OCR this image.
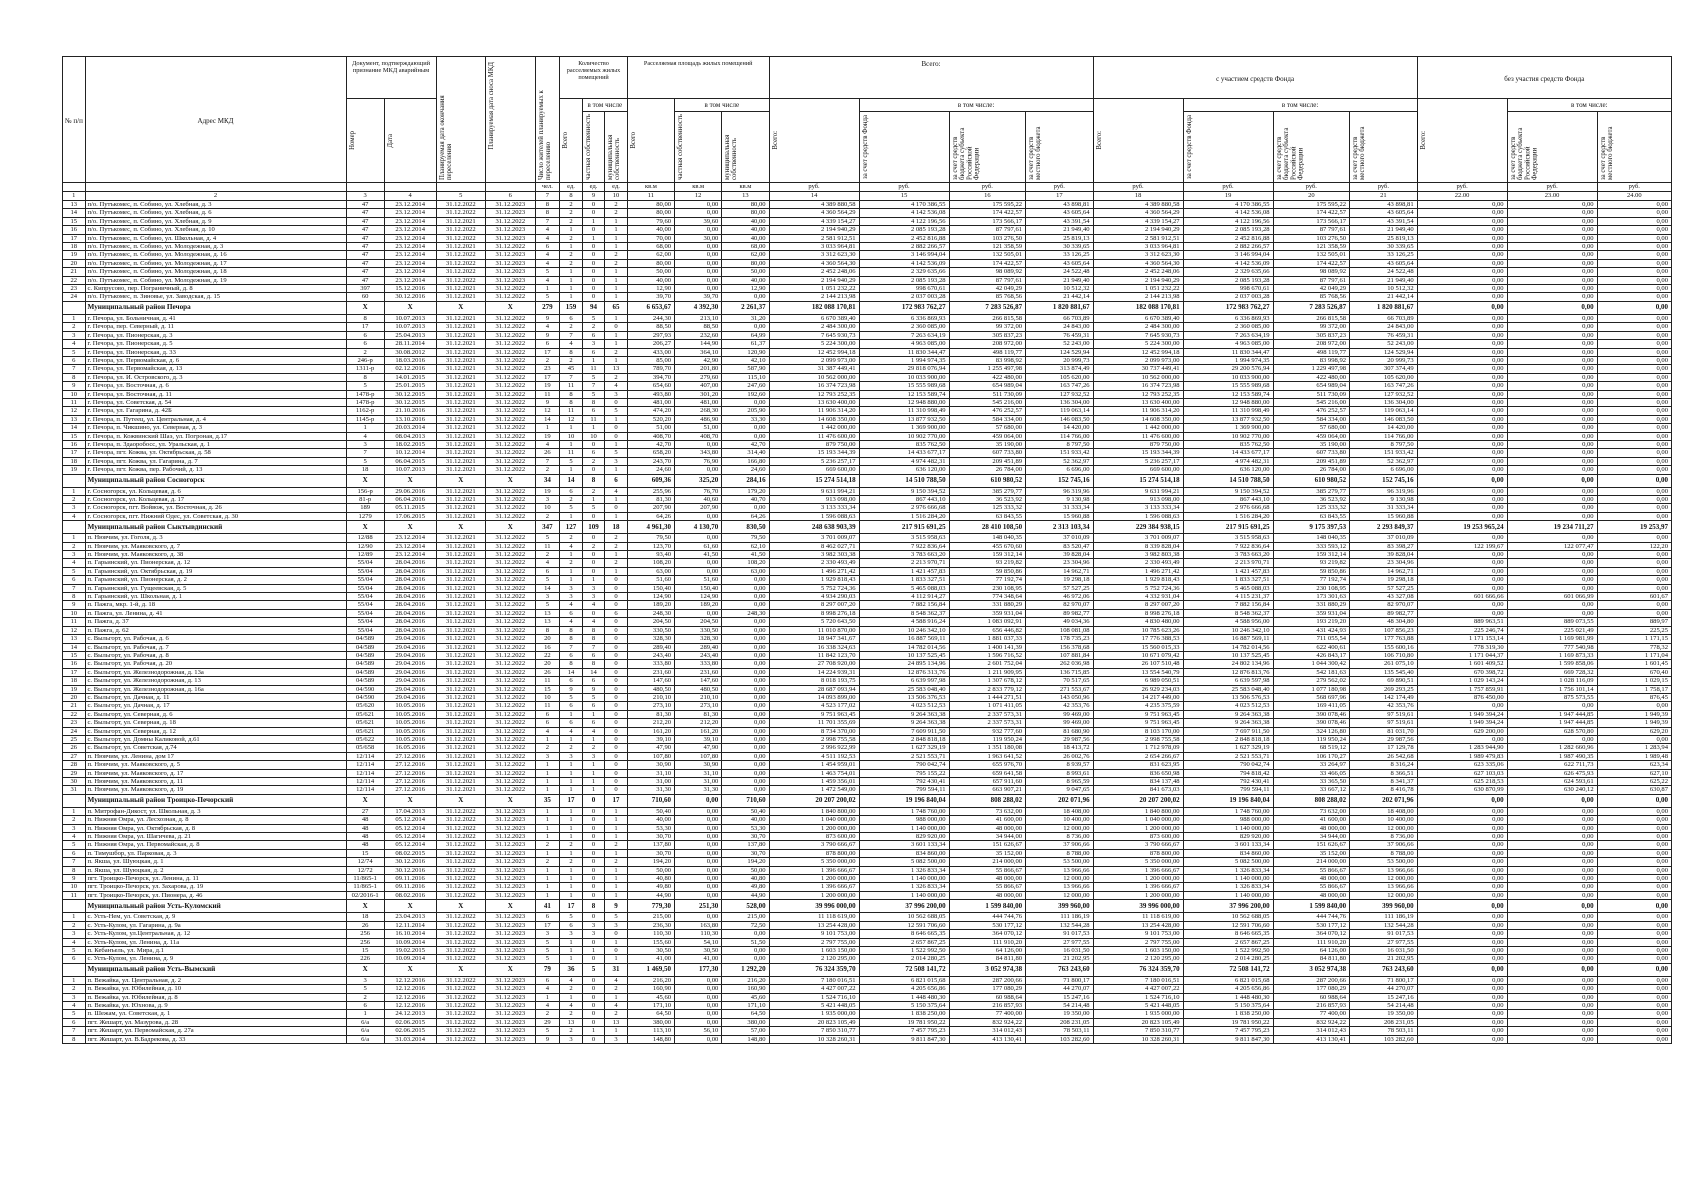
№ п/п	Адрес МКД	Документ, подтверждающий признание МКД аварийным		Планируемая дата окончания переселения	Планируемая дата сноса МКД	Число жителей планируемых к переселению	Количество расселяемых жилых помещений			Расселяемая площадь жилых помещений			Всего:				с участием средств Фонда				без участия средств Фонда		

		Номер	Дата				Всего	в том числе		Всего	в том числе		Всего:	в том числе:			Всего:	в том числе:			Всего:	в том числе:	

								частная собственность	муниципальная собственность		частная собственность	муниципальная собственность		за счет средств Фонда	за счет средств бюджета субъекта Российской Федерации	за счет средств местного бюджета		за счет средств Фонда	за счет средств бюджета субъекта Российской Федерации	за счет средств местного бюджета		за счет средств бюджета субъекта Российской Федерации	за счет средств местного бюджета

						чел.	ед.	ед.	ед.	кв.м	кв.м	кв.м	руб.	руб.	руб.	руб.	руб.	руб.	руб.	руб.	руб.	руб.	руб.
1	2	3	4	5	6	7	8	9	10	11	12	13	14	15	16	17	18	19	20	21	22.00	23.00	24.00
13	п/о. Путъкомес, п. Собино, ул. Хлебная, д. 3	47	23.12.2014	31.12.2022	31.12.2023	8	2	0	2	80,00	0,00	80,00	4 389 880,58	4 170 386,55	175 595,22	43 898,81	4 389 880,58	4 170 386,55	175 595,22	43 898,81	0,00	0,00	0,00
14	п/о. Путъкомес, п. Собино, ул. Хлебная, д. 6	47	23.12.2014	31.12.2022	31.12.2023	8	2	0	2	80,00	0,00	80,00	4 360 564,29	4 142 536,08	174 422,57	43 605,64	4 360 564,29	4 142 536,08	174 422,57	43 605,64	0,00	0,00	0,00
15	п/о. Путъкомес, п. Собино, ул. Хлебная, д. 9	47	23.12.2014	31.12.2021	31.12.2022	7	2	1	1	79,60	39,60	40,00	4 339 154,27	4 122 196,56	173 566,17	43 391,54	4 339 154,27	4 122 196,56	173 566,17	43 391,54	0,00	0,00	0,00
16	п/о. Путъкомес, п. Собино, ул. Хлебная, д. 10	47	23.12.2014	31.12.2022	31.12.2023	4	1	0	1	40,00	0,00	40,00	2 194 940,29	2 085 193,28	87 797,61	21 949,40	2 194 940,29	2 085 193,28	87 797,61	21 949,40	0,00	0,00	0,00
17	п/о. Путъкомес, п. Собино, ул. Школьная, д. 4	47	23.12.2014	31.12.2022	31.12.2023	4	2	1	1	70,00	30,00	40,00	2 581 912,51	2 452 816,88	103 276,50	25 819,13	2 581 912,51	2 452 816,88	103 276,50	25 819,13	0,00	0,00	0,00
18	п/о. Путъкомес, п. Собино, ул. Молодежная, д. 3	47	23.12.2014	31.12.2021	31.12.2022	6	1	0	1	68,00	0,00	68,00	3 033 964,81	2 882 266,57	121 358,59	30 339,65	3 033 964,81	2 882 266,57	121 358,59	30 339,65	0,00	0,00	0,00
19	п/о. Путъкомес, п. Собино, ул. Молодежная, д. 16	47	23.12.2014	31.12.2022	31.12.2023	4	2	0	2	62,00	0,00	62,00	3 312 623,30	3 146 994,04	132 505,01	33 126,25	3 312 623,30	3 146 994,04	132 505,01	33 126,25	0,00	0,00	0,00
20	п/о. Путъкомес, п. Собино, ул. Молодежная, д. 17	47	23.12.2014	31.12.2022	31.12.2023	4	2	0	2	80,00	0,00	80,00	4 360 564,30	4 142 536,09	174 422,57	43 605,64	4 360 564,30	4 142 536,09	174 422,57	43 605,64	0,00	0,00	0,00
21	п/о. Путъкомес, п. Собино, ул. Молодежная, д. 18	47	23.12.2014	31.12.2022	31.12.2023	5	1	0	1	50,00	0,00	50,00	2 452 248,06	2 329 635,66	98 089,92	24 522,48	2 452 248,06	2 329 635,66	98 089,92	24 522,48	0,00	0,00	0,00
22	п/о. Путъкомес, п. Собино, ул. Молодежная, д. 19	47	23.12.2014	31.12.2022	31.12.2023	4	1	0	1	40,00	0,00	40,00	2 194 940,29	2 085 193,28	87 797,61	21 949,40	2 194 940,29	2 085 193,28	87 797,61	21 949,40	0,00	0,00	0,00
23	с. Кипрусово, пер. Пограничный, д. 8	397	15.12.2016	31.12.2021	31.12.2022	1	1	0	1	12,90	0,00	12,90	1 051 232,22	998 670,61	42 049,29	10 512,32	1 051 232,22	998 670,61	42 049,29	10 512,32	0,00	0,00	0,00
24	п/о. Путъкомес, п. Зиновье, ул. Заводская, д. 15	60	30.12.2016	31.12.2021	31.12.2022	5	1	0	1	39,70	39,70	0,00	2 144 213,98	2 037 003,28	85 768,56	21 442,14	2 144 213,98	2 037 003,28	85 768,56	21 442,14	0,00	0,00	0,00
	Муниципальный район Печора	X	X	X	X	279	159	94	65	6 653,67	4 392,30	2 261,37	182 088 170,81	172 983 762,27	7 283 526,87	1 820 881,67	182 088 170,81	172 983 762,27	7 283 526,87	1 820 881,67	0,00	0,00	0,00
1	г. Печора, ул. Больничная, д. 41	8	10.07.2013	31.12.2021	31.12.2022	9	6	5	1	244,30	213,10	31,20	6 670 389,40	6 336 869,93	266 815,58	66 703,89	6 670 389,40	6 336 869,93	266 815,58	66 703,89	0,00	0,00	0,00
2	г. Печора, пер. Северный, д. 11	17	10.07.2013	31.12.2021	31.12.2022	4	2	2	0	88,50	88,50	0,00	2 484 300,00	2 360 085,00	99 372,00	24 843,00	2 484 300,00	2 360 085,00	99 372,00	24 843,00	0,00	0,00	0,00
3	г. Печора, ул. Пионерская, д. 3	6	25.04.2013	31.12.2021	31.12.2022	9	7	6	1	297,93	232,60	64,99	7 645 930,73	7 263 634,19	305 837,23	76 459,31	7 645 930,73	7 263 634,19	305 837,23	76 459,31	0,00	0,00	0,00
4	г. Печора, ул. Пионерская, д. 5	6	28.11.2014	31.12.2021	31.12.2022	6	4	3	1	206,27	144,90	61,37	5 224 300,00	4 963 085,00	208 972,00	52 243,00	5 224 300,00	4 963 085,00	208 972,00	52 243,00	0,00	0,00	0,00
5	г. Печора, ул. Пионерская, д. 33	2	30.08.2012	31.12.2021	31.12.2022	17	8	6	2	433,00	364,10	120,90	12 452 994,18	11 830 344,47	498 119,77	124 529,94	12 452 994,18	11 830 344,47	498 119,77	124 529,94	0,00	0,00	0,00
6	г. Печора, ул. Первомайская, д. 6	246-р	18.03.2016	31.12.2021	31.12.2022	2	2	1	1	85,00	42,90	42,10	2 099 973,00	1 994 974,35	83 998,92	20 999,73	2 099 973,00	1 994 974,35	83 998,92	20 999,73	0,00	0,00	0,00
7	г. Печора, ул. Первомайская, д. 13	1311-р	02.12.2016	31.12.2021	31.12.2022	23	45	11	13	789,70	201,80	587,90	31 387 449,41	29 818 076,94	1 255 497,98	313 874,49	30 737 449,41	29 200 576,94	1 229 497,98	307 374,49	0,00	0,00	0,00
8	г. Печора, ул. И. Островского, д. 3	8	14.01.2015	31.12.2021	31.12.2022	17	7	5	2	394,70	279,60	115,10	10 562 000,00	10 033 900,00	422 480,00	105 620,00	10 562 000,00	10 033 900,00	422 480,00	105 620,00	0,00	0,00	0,00
9	г. Печора, ул. Восточная, д. 6	5	25.01.2015	31.12.2021	31.12.2022	19	11	7	4	654,60	407,00	247,60	16 374 723,98	15 555 989,68	654 989,04	163 747,26	16 374 723,98	15 555 989,68	654 989,04	163 747,26	0,00	0,00	0,00
10	г. Печора, ул. Восточная, д. 11	1478-р	30.12.2015	31.12.2021	31.12.2022	11	8	5	3	493,80	301,20	192,60	12 793 252,35	12 153 589,74	511 730,09	127 932,52	12 793 252,35	12 153 589,74	511 730,09	127 932,52	0,00	0,00	0,00
11	г. Печора, ул. Советская, д. 54	1478-р	30.12.2015	31.12.2021	31.12.2022	9	8	8	0	481,00	481,00	0,00	13 630 400,00	12 948 880,00	545 216,00	136 304,00	13 630 400,00	12 948 880,00	545 216,00	136 304,00	0,00	0,00	0,00
12	г. Печора, ул. Гагарина, д. 42Б	1162-р	21.10.2016	31.12.2021	31.12.2022	12	11	6	5	474,20	268,30	205,90	11 906 314,20	11 310 998,49	476 252,57	119 063,14	11 906 314,20	11 310 998,49	476 252,57	119 063,14	0,00	0,00	0,00
13	г. Печора, п. Путеец, ул. Центральная, д. 4	1145-р	13.10.2016	31.12.2021	31.12.2022	14	12	11	1	520,20	486,90	33,30	14 608 350,00	13 877 932,50	584 334,00	146 083,50	14 608 350,00	13 877 932,50	584 334,00	146 083,50	0,00	0,00	0,00
14	г. Печора, п. Чикшино, ул. Северная, д. 3	1	20.03.2014	31.12.2021	31.12.2022	1	1	1	0	51,00	51,00	0,00	1 442 000,00	1 369 900,00	57 680,00	14 420,00	1 442 000,00	1 369 900,00	57 680,00	14 420,00	0,00	0,00	0,00
15	г. Печора, п. Кожвинский Шаэ, ул. Погроная, д.17	4	08.04.2013	31.12.2021	31.12.2022	19	10	10	0	408,70	408,70	0,00	11 476 600,00	10 902 770,00	459 064,00	114 766,00	11 476 600,00	10 902 770,00	459 064,00	114 766,00	0,00	0,00	0,00
16	г. Печора, п. Здаоробосс, ул. Уральская, д. 1	3	18.02.2015	31.12.2021	31.12.2022	4	1	0	1	42,70	0,00	42,70	879 750,00	835 762,50	35 190,00	8 797,50	879 750,00	835 762,50	35 190,00	8 797,50	0,00	0,00	0,00
17	г. Печора, пгт. Кожва, ул. Октябрьская, д. 58	7	10.12.2014	31.12.2021	31.12.2022	26	11	6	5	658,20	343,80	314,40	15 193 344,39	14 433 677,17	607 733,80	151 933,42	15 193 344,39	14 433 677,17	607 733,80	151 933,42	0,00	0,00	0,00
18	г. Печора, пгт. Кожва, ул. Гагарина, д. 7	5	06.04.2015	31.12.2021	31.12.2022	7	5	2	3	243,70	76,90	166,80	5 236 257,17	4 974 482,31	209 451,89	52 362,97	5 236 257,17	4 974 482,31	209 451,89	52 362,97	0,00	0,00	0,00
19	г. Печора, пгт. Кожва, пер. Рабочий, д. 13	18	10.07.2013	31.12.2021	31.12.2022	2	1	0	1	24,60	0,00	24,60	669 600,00	636 120,00	26 784,00	6 696,00	669 600,00	636 120,00	26 784,00	6 696,00	0,00	0,00	0,00
	Муниципальный район Сосногорск	X	X	X	X	34	14	8	6	609,36	325,20	284,16	15 274 514,18	14 510 788,50	610 980,52	152 745,16	15 274 514,18	14 510 788,50	610 980,52	152 745,16	0,00	0,00	0,00
1	г. Сосногорск, ул. Кольцевая, д. 6	156-р	29.06.2016	31.12.2021	31.12.2022	19	6	2	4	255,96	76,70	179,20	9 631 994,21	9 150 394,52	385 279,77	96 319,96	9 631 994,21	9 150 394,52	385 279,77	96 319,96	0,00	0,00	0,00
2	г. Сосногорск, ул. Кольцевая, д. 17	81-р	06.04.2016	31.12.2021	31.12.2022	3	2	1	1	81,30	40,60	40,70	913 098,00	867 443,10	36 523,92	9 130,98	913 098,00	867 443,10	36 523,92	9 130,98	0,00	0,00	0,00
3	г. Сосногорск, пгт. Войвож, ул. Восточная, д. 26	189	05.11.2015	31.12.2021	31.12.2022	10	5	5	0	207,90	207,90	0,00	3 133 333,34	2 976 666,68	125 333,32	31 333,34	3 133 333,34	2 976 666,68	125 333,32	31 333,34	0,00	0,00	0,00
4	г. Сосногорск, пгт. Нижний Одес, ул. Советская, д. 30	1279	17.06.2015	31.12.2021	31.12.2022	2	1	0	1	64,26	0,00	64,26	1 596 088,63	1 516 284,20	63 843,55	15 960,88	1 596 088,63	1 516 284,20	63 843,55	15 960,88	0,00	0,00	0,00
	Муниципальный район Сыктывдинский	X	X	X	X	347	127	109	18	4 961,30	4 130,70	830,50	248 638 903,39	217 915 691,25	28 410 108,50	2 313 103,34	229 384 938,15	217 915 691,25	9 175 397,53	2 293 849,37	19 253 965,24	19 234 711,27	19 253,97
1	п. Нювчим, ул. Гоголя, д. 3	12/88	23.12.2014	31.12.2021	31.12.2022	5	2	0	2	79,50	0,00	79,50	3 701 009,07	3 515 958,63	148 040,35	37 010,09	3 701 009,07	3 515 958,63	148 040,35	37 010,09	0,00	0,00	0,00
2	п. Нювчим, ул. Маяковского, д. 7	12/90	23.12.2014	31.12.2021	31.12.2022	11	4	2	2	123,70	61,60	62,10	8 462 027,71	7 922 836,64	455 670,60	83 520,47	8 339 828,04	7 922 836,64	333 593,12	83 398,27	122 199,67	122 077,47	122,20
3	п. Нювчим, ул. Маяковского, д. 38	12/89	23.12.2014	31.12.2021	31.12.2022	2	1	0	1	93,40	41,50	41,50	3 982 303,38	3 783 663,20	159 312,14	39 828,04	3 982 803,38	3 783 663,20	159 312,14	39 828,04	0,00	0,00	0,00
4	п. Гарьинский, ул. Пионерская, д. 12	55/04	28.04.2016	31.12.2021	31.12.2022	4	2	0	2	108,20	0,00	108,20	2 330 493,49	2 213 970,71	93 219,82	23 304,96	2 330 493,49	2 213 970,71	93 219,82	23 304,96	0,00	0,00	0,00
5	п. Гарьинский, ул. Октябрьская, д. 19	55/04	28.04.2016	31.12.2021	31.12.2022	6	1	0	1	63,00	0,00	63,00	1 496 271,42	1 421 457,83	59 850,86	14 962,71	1 496 271,42	1 421 457,83	59 850,86	14 962,71	0,00	0,00	0,00
6	п. Гарьинский, ул. Пионерская, д. 2	55/04	28.04.2016	31.12.2021	31.12.2022	5	1	1	0	51,60	51,60	0,00	1 929 818,43	1 833 327,51	77 192,74	19 298,18	1 929 818,43	1 833 327,51	77 192,74	19 298,18	0,00	0,00	0,00
7	п. Гарьинский, ул. Гущеевская, д. 5	55/04	28.04.2016	31.12.2021	31.12.2022	14	3	3	0	150,40	150,40	0,00	5 752 724,36	5 465 088,03	230 108,95	57 527,25	5 752 724,36	5 465 088,03	230 108,95	57 527,25	0,00	0,00	0,00
8	п. Гарьинский, ул. Школьная, д. 1	55/04	28.04.2016	31.12.2021	31.12.2022	3	3	3	0	124,90	124,90	0,00	4 934 290,03	4 112 914,27	774 348,64	46 972,06	4 332 931,04	4 115 231,37	173 301,63	43 327,08	601 666,66	601 066,99	601,67
9	п. Пажга, мкр. 1-й, д. 18	55/04	28.04.2016	31.12.2021	31.12.2022	5	4	4	0	189,20	189,20	0,00	8 297 007,20	7 882 156,84	331 880,29	82 970,07	8 297 007,20	7 882 156,84	331 880,29	82 970,07	0,00	0,00	0,00
10	п. Пажга, ул. Ленина, д. 41	55/04	28.04.2016	31.12.2021	31.12.2022	13	6	0	6	248,30	0,00	248,30	8 998 276,18	8 548 362,37	359 931,04	89 982,77	8 998 276,18	8 548 362,37	359 931,04	89 982,77	0,00	0,00	0,00
11	п. Пажга, д. 37	55/04	28.04.2016	31.12.2021	31.12.2022	13	4	4	0	204,50	204,50	0,00	5 720 643,50	4 588 916,24	1 083 092,91	49 034,36	4 830 480,00	4 588 956,00	193 219,20	48 304,80	889 963,51	889 073,55	889,97
12	п. Пажга, д. 62	55/04	28.04.2016	31.12.2021	31.12.2022	8	8	8	0	330,50	330,50	0,00	11 010 870,00	10 246 342,10	656 446,82	108 081,08	10 785 623,26	10 246 342,10	431 424,93	107 856,23	225 246,74	225 021,49	225,25
13	с. Выльгорт, ул. Рабочая, д. 6	04/589	29.04.2016	31.12.2021	31.12.2022	20	8	8	0	328,30	328,30	0,00	18 947 341,67	16 887 569,11	1 881 037,33	178 735,23	17 776 388,53	16 887 569,11	711 055,54	177 763,88	1 171 153,14	1 169 981,99	1 171,15
14	с. Выльгорт, ул. Рабочая, д. 7	04/589	29.04.2016	31.12.2021	31.12.2022	16	7	7	0	289,40	289,40	0,00	16 338 324,63	14 782 014,56	1 400 141,39	156 378,68	15 560 015,33	14 782 014,56	622 400,61	155 600,16	778 319,30	777 540,98	778,32
15	с. Выльгорт, ул. Рабочая, д. 8	04/589	29.04.2016	31.12.2021	31.12.2022	22	6	6	0	243,40	243,40	0,00	11 842 123,70	10 137 525,45	1 596 716,52	107 881,84	10 671 079,42	10 137 525,45	426 843,17	106 710,80	1 171 044,37	1 169 873,33	1 171,04
16	с. Выльгорт, ул. Рабочая, д. 20	04/589	29.04.2016	31.12.2021	31.12.2022	20	8	8	0	333,80	333,80	0,00	27 708 920,00	24 895 134,96	2 601 752,04	262 036,98	26 107 510,48	24 802 134,96	1 044 300,42	261 075,10	1 601 409,52	1 599 858,06	1 601,45
17	с. Выльгорт, ул. Железнодорожная, д. 13а	04/589	29.04.2016	31.12.2021	31.12.2022	26	14	14	0	231,60	231,60	0,00	14 224 939,31	12 876 313,76	1 211 909,95	136 715,85	13 554 540,79	12 876 813,76	542 181,63	135 545,40	670 398,72	669 728,32	670,40
18	с. Выльгорт, ул. Железнодорожная, д. 13	04/589	29.04.2016	31.12.2021	31.12.2022	11	6	6	0	147,60	147,60	0,00	8 018 193,75	6 639 997,98	1 307 678,12	70 517,65	6 989 050,51	6 639 597,98	279 562,02	69 890,51	1 029 143,24	1 028 116,09	1 029,15
19	с. Выльгорт, ул. Железнодорожная, д. 16а	04/590	29.04.2016	31.12.2021	31.12.2022	15	9	9	0	480,50	480,50	0,00	28 687 093,94	25 583 048,40	2 833 779,12	271 553,67	26 929 234,03	25 583 048,40	1 077 180,98	269 293,25	1 757 859,91	1 756 101,14	1 758,17
20	с. Выльгорт, ул. Дачная, д. 11	04/590	29.04.2016	31.12.2021	31.12.2022	10	5	5	0	210,10	210,10	0,00	14 093 899,00	13 506 376,53	1 444 271,51	143 050,96	14 217 449,00	13 506 576,53	568 697,96	142 174,49	876 450,00	875 573,55	876,45
21	с. Выльгорт, ул. Дачная, д. 17	05/620	10.05.2016	31.12.2021	31.12.2022	11	6	6	0	273,10	273,10	0,00	4 523 177,02	4 023 512,53	1 071 411,05	42 353,76	4 235 375,59	4 023 512,53	169 411,05	42 353,76	0,00	0,00	0,00
22	с. Выльгорт, ул. Северная, д. 6	05/621	10.05.2016	31.12.2021	31.12.2022	6	1	1	0	81,30	81,30	0,00	9 751 963,45	9 264 363,38	2 337 573,31	99 469,00	9 751 963,45	9 264 363,38	390 078,46	97 519,61	1 949 394,24	1 947 444,85	1 949,39
23	с. Выльгорт, ул. Северная, д. 18	05/621	10.05.2016	31.12.2021	31.12.2022	6	6	6	0	212,20	212,20	0,00	11 701 355,69	9 264 363,38	2 337 573,31	99 469,00	9 751 963,45	9 264 363,38	390 078,46	97 519,61	1 949 394,24	1 947 444,85	1 949,39
24	с. Выльгорт, ул. Северная, д. 12	05/621	10.05.2016	31.12.2021	31.12.2022	4	4	4	0	161,20	161,20	0,00	8 734 370,00	7 609 911,50	932 777,60	81 680,90	8 103 170,00	7 697 911,50	324 126,80	81 031,70	629 200,00	628 570,80	629,20
25	с. Выльгорт, ул. Домны Каликовой, д.61	05/622	10.05.2016	31.12.2021	31.12.2022	1	1	1	0	39,10	39,10	0,00	2 998 755,58	2 848 818,18	119 950,24	29 987,56	2 998 755,58	2 848 818,18	119 950,24	29 987,56	0,00	0,00	0,00
26	с. Выльгорт, ул. Советская, д.74	05/658	16.05.2016	31.12.2021	31.12.2022	2	2	2	0	47,90	47,90	0,00	2 996 922,99	1 627 329,19	1 351 180,08	18 413,72	1 712 978,09	1 627 329,19	68 519,12	17 129,78	1 283 944,90	1 282 660,96	1 283,94
27	п. Нювчим, ул. Ленина, дом 17	12/114	27.12.2016	31.12.2021	31.12.2022	3	3	3	0	107,80	107,80	0,00	4 511 192,53	2 521 553,71	1 963 641,52	26 002,76	2 654 266,67	2 521 553,71	106 170,27	26 542,68	1 989 479,83	1 987 490,35	1 989,48
28	п. Нювчим, ул. Маяковского, д. 5	12/114	27.12.2016	31.12.2021	31.12.2022	1	1	1	0	30,90	30,90	0,00	1 454 959,01	790 042,74	655 976,70	8 939,57	831 623,95	790 042,74	33 264,97	8 316,24	623 335,06	622 711,73	623,34
29	п. Нювчим, ул. Маяковского, д. 17	12/114	27.12.2016	31.12.2021	31.12.2022	1	1	1	0	31,10	31,10	0,00	1 463 754,01	795 155,22	659 641,58	8 993,61	836 650,98	794 818,42	33 466,05	8 366,51	627 103,03	626 475,93	627,10
30	п. Нювчим, ул. Маяковского, д. 11	12/114	27.12.2016	31.12.2021	31.12.2022	1	1	1	0	31,00	31,00	0,00	1 459 356,01	792 430,41	657 911,60	8 965,59	834 137,48	792 430,41	33 365,50	8 341,37	625 218,53	624 593,61	625,22
31	п. Нювчим, ул. Маяковского, д. 19	12/114	27.12.2016	31.12.2021	31.12.2022	1	1	1	0	31,30	31,30	0,00	1 472 549,00	799 594,11	663 907,21	9 047,65	841 673,03	799 594,11	33 667,12	8 416,78	630 870,99	630 240,12	630,87
	Муниципальный район Троицко-Печорский	X	X	X	X	35	17	0	17	710,60	0,00	710,60	20 207 200,02	19 196 840,04	808 288,02	202 071,96	20 207 200,02	19 196 840,04	808 288,02	202 071,96	0,00	0,00	0,00
1	п. Митрофан-Дикост, ул. Школьная, д. 3	27	17.04.2013	31.12.2022	31.12.2023	1	1	0	1	50,40	0,00	50,40	1 840 800,00	1 748 760,00	73 632,00	18 408,00	1 840 800,00	1 748 760,00	73 632,00	18 408,00	0,00	0,00	0,00
2	п. Нижняя Омра, ул. Лесхозная, д. 8	48	05.12.2014	31.12.2022	31.12.2023	1	1	0	1	40,00	0,00	40,00	1 040 000,00	988 000,00	41 600,00	10 400,00	1 040 000,00	988 000,00	41 600,00	10 400,00	0,00	0,00	0,00
3	п. Нижняя Омра, ул. Октябрьская, д. 8	48	05.12.2014	31.12.2022	31.12.2023	1	1	0	1	53,30	0,00	53,30	1 200 000,00	1 140 000,00	48 000,00	12 000,00	1 200 000,00	1 140 000,00	48 000,00	12 000,00	0,00	0,00	0,00
4	п. Нижняя Омра, ул. Шагичева, д. 21	48	05.12.2014	31.12.2022	31.12.2023	1	1	0	1	30,70	0,00	30,70	873 600,00	829 920,00	34 944,00	8 736,00	873 600,00	829 920,00	34 944,00	8 736,00	0,00	0,00	0,00
5	п. Нижняя Омра, ул. Первомайская, д. 8	48	05.12.2014	31.12.2022	31.12.2023	2	2	0	2	137,80	0,00	137,80	3 790 666,67	3 601 133,34	151 626,67	37 906,66	3 790 666,67	3 601 133,34	151 626,67	37 906,66	0,00	0,00	0,00
6	п. Тимушбор, ул. Парковая, д. 3	15	08.02.2015	31.12.2022	31.12.2023	1	1	0	1	30,70	0,00	30,70	878 800,00	834 860,00	35 152,00	8 788,00	878 800,00	834 860,00	35 152,00	8 788,00	0,00	0,00	0,00
7	п. Якша, ул. Шуюцкая, д. 1	12/74	30.12.2016	31.12.2022	31.12.2023	2	2	0	2	194,20	0,00	194,20	5 350 000,00	5 082 500,00	214 000,00	53 500,00	5 350 000,00	5 082 500,00	214 000,00	53 500,00	0,00	0,00	0,00
8	п. Якша, ул. Шуюцкая, д. 2	12/72	30.12.2016	31.12.2022	31.12.2023	1	1	0	1	50,00	0,00	50,00	1 396 666,67	1 326 833,34	55 866,67	13 966,66	1 396 666,67	1 326 833,34	55 866,67	13 966,66	0,00	0,00	0,00
9	пгт. Троицко-Печорск, ул. Ленина, д. 11	11/865-1	09.11.2016	31.12.2022	31.12.2023	1	1	0	1	40,80	0,00	40,80	1 200 000,00	1 140 000,00	48 000,00	12 000,00	1 200 000,00	1 140 000,00	48 000,00	12 000,00	0,00	0,00	0,00
10	пгт. Троицко-Печорск, ул. Захарова, д. 19	11/865-1	09.11.2016	31.12.2022	31.12.2023	1	1	0	1	49,80	0,00	49,80	1 396 666,67	1 326 833,34	55 866,67	13 966,66	1 396 666,67	1 326 833,34	55 866,67	13 966,66	0,00	0,00	0,00
11	пгт. Троицко-Печорск, ул. Пионера, д. 46	02/2016-1	08.02.2016	31.12.2022	31.12.2023	1	1	0	1	44,90	0,00	44,90	1 200 000,00	1 140 000,00	48 000,00	12 000,00	1 200 000,00	1 140 000,00	48 000,00	12 000,00	0,00	0,00	0,00
	Муниципальный район Усть-Куломский	X	X	X	X	41	17	8	9	779,30	251,30	528,00	39 996 000,00	37 996 200,00	1 599 840,00	399 960,00	39 996 000,00	37 996 200,00	1 599 840,00	399 960,00	0,00	0,00	0,00
1	с. Усть-Нем, ул. Советская, д. 9	18	23.04.2013	31.12.2022	31.12.2023	6	5	0	5	215,00	0,00	215,00	11 118 619,00	10 562 688,05	444 744,76	111 186,19	11 118 619,00	10 562 688,05	444 744,76	111 186,19	0,00	0,00	0,00
2	с. Усть-Кулом, ул. Гагарина, д. 9а	26	12.11.2014	31.12.2022	31.12.2023	17	6	3	3	236,30	163,80	72,50	13 254 428,00	12 591 706,60	530 177,12	132 544,28	13 254 428,00	12 591 706,60	530 177,12	132 544,28	0,00	0,00	0,00
3	с. Усть-Кулом, ул.Центральная, д. 12	256	16.10.2014	31.12.2022	31.12.2023	3	3	3	0	110,30	110,30	0,00	9 101 753,00	8 646 665,35	364 070,12	91 017,53	9 101 753,00	8 646 665,35	364 070,12	91 017,53	0,00	0,00	0,00
4	с. Усть-Кулом, ул. Ленина, д. 11а	256	10.09.2014	31.12.2022	31.12.2023	5	1	0	1	155,60	54,10	51,50	2 797 755,00	2 657 867,25	111 910,20	27 977,55	2 797 755,00	2 657 867,25	111 910,20	27 977,55	0,00	0,00	0,00
5	п. Кебанъель, ул. Мира, д.1	15	19.02.2015	31.12.2022	31.12.2023	5	1	1	0	30,50	30,50	0,00	1 603 150,00	1 522 992,50	64 126,00	16 031,50	1 603 150,00	1 522 992,50	64 126,00	16 031,50	0,00	0,00	0,00
6	с. Усть-Кулом, ул. Ленина, д. 9	226	10.09.2014	31.12.2022	31.12.2023	5	1	0	1	41,00	41,00	0,00	2 120 295,00	2 014 280,25	84 811,80	21 202,95	2 120 295,00	2 014 280,25	84 811,80	21 202,95	0,00	0,00	0,00
	Муниципальный район Усть-Вымский	X	X	X	X	79	36	5	31	1 469,50	177,30	1 292,20	76 324 359,70	72 508 141,72	3 052 974,38	763 243,60	76 324 359,70	72 508 141,72	3 052 974,38	763 243,60	0,00	0,00	0,00
1	п. Вежайка, ул. Центральная, д. 2	3	12.12.2016	31.12.2022	31.12.2023	6	4	0	4	216,20	0,00	216,20	7 180 016,51	6 821 015,68	287 200,66	71 800,17	7 180 016,51	6 821 015,68	287 200,66	71 800,17	0,00	0,00	0,00
2	п. Вежайка, ул. Юбилейная, д. 10	5	12.12.2016	31.12.2022	31.12.2023	4	2	0	2	160,90	0,00	160,90	4 427 007,22	4 205 656,86	177 080,29	44 270,07	4 427 007,22	4 205 656,86	177 080,29	44 270,07	0,00	0,00	0,00
3	п. Вежайка, ул. Юбилейная, д. 8	2	12.12.2016	31.12.2022	31.12.2023	1	1	0	1	45,60	0,00	45,60	1 524 716,10	1 448 480,30	60 988,64	15 247,16	1 524 716,10	1 448 480,30	60 988,64	15 247,16	0,00	0,00	0,00
4	п. Вежайка, ул. Юхнова, д. 9	6	12.12.2016	31.12.2022	31.12.2023	4	4	0	4	171,10	0,00	171,10	5 421 448,05	5 150 375,64	216 857,93	54 214,48	5 421 448,05	5 150 375,64	216 857,93	54 214,48	0,00	0,00	0,00
5	п. Шежам, ул. Советская, д. 1	1	24.12.2013	31.12.2022	31.12.2023	2	2	0	2	64,50	0,00	64,50	1 935 000,00	1 838 250,00	77 400,00	19 350,00	1 935 000,00	1 838 250,00	77 400,00	19 350,00	0,00	0,00	0,00
6	пгт. Жешарт, ул. Мазурова, д. 28	6/a	02.06.2015	31.12.2022	31.12.2023	29	13	0	13	380,00	0,00	380,00	20 823 105,49	19 781 950,22	832 924,22	208 231,05	20 823 105,49	19 781 950,22	832 924,22	208 231,05	0,00	0,00	0,00
7	пгт. Жешарт, ул. Первомайская, д. 27а	6/a	02.06.2015	31.12.2022	31.12.2023	5	2	1	1	113,10	56,10	57,00	7 850 310,77	7 457 795,23	314 012,43	78 503,11	7 850 310,77	7 457 795,23	314 012,43	78 503,11	0,00	0,00	0,00
8	пгт. Жешарт, ул. В.Бадрекова, д. 33	6/a	31.03.2014	31.12.2022	31.12.2023	9	3	0	3	148,80	0,00	148,80	10 328 260,31	9 811 847,30	413 130,41	103 282,60	10 328 260,31	9 811 847,30	413 130,41	103 282,60	0,00	0,00	0,00
